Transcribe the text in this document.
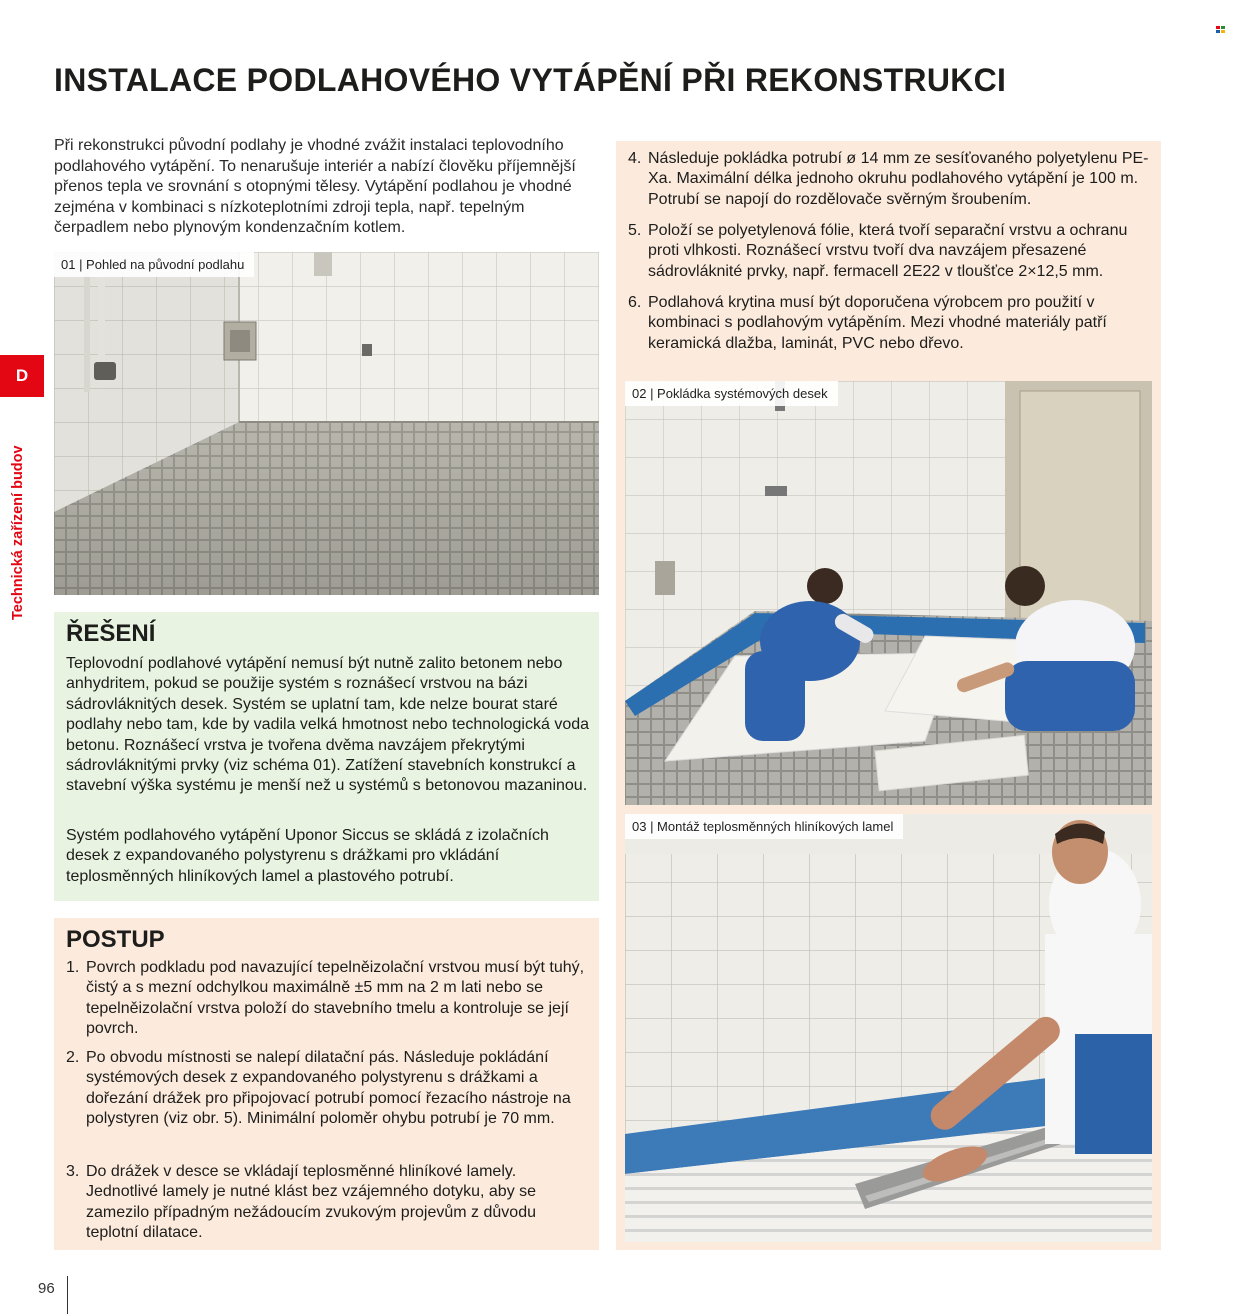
INSTALACE PODLAHOVÉHO VYTÁPĚNÍ PŘI REKONSTRUKCI

Při rekonstrukci původní podlahy je vhodné zvážit instalaci teplovodního podlahového vytápění. To nenarušuje interiér a nabízí člověku příjemnější přenos tepla ve srovnání s otopnými tělesy. Vytápění podlahou je vhodné zejména v kombinaci s nízkoteplotními zdroji tepla, např. tepelným čerpadlem nebo plynovým kondenzačním kotlem.

D
Technická zařízení budov
01 | Pohled na původní podlahu
ŘEŠENÍ

Teplovodní podlahové vytápění nemusí být nutně zalito betonem nebo anhydritem, pokud se použije systém s roznášecí vrstvou na bázi sádrovláknitých desek. Systém se uplatní tam, kde nelze bourat staré podlahy nebo tam, kde by vadila velká hmotnost nebo technologická voda betonu. Roznášecí vrstva je tvořena dvěma navzájem překrytými sádrovláknitými prvky (viz schéma 01). Zatížení stavebních konstrukcí a stavební výška systému je menší než u systémů s betonovou mazaninou.

Systém podlahového vytápění Uponor Siccus se skládá z izolačních desek z expandovaného polystyrenu s drážkami pro vkládání teplosměnných hliníkových lamel a plastového potrubí.

POSTUP
1. Povrch podkladu pod navazující tepelněizolační vrstvou musí být tuhý, čistý a s mezní odchylkou maximálně ±5 mm na 2 m lati nebo se tepelněizolační vrstva položí do stavebního tmelu a kontroluje se její povrch.
2. Po obvodu místnosti se nalepí dilatační pás. Následuje pokládání systémových desek z expandovaného polystyrenu s drážkami a dořezání drážek pro připojovací potrubí pomocí řezacího nástroje na polystyren (viz obr. 5). Minimální poloměr ohybu potrubí je 70 mm.
3. Do drážek v desce se vkládají teplosměnné hliníkové lamely. Jednotlivé lamely je nutné klást bez vzájemného dotyku, aby se zamezilo případným nežádoucím zvukovým projevům z důvodu teplotní dilatace.
4. Následuje pokládka potrubí ø 14 mm ze sesíťovaného polyetylenu PE-Xa. Maximální délka jednoho okruhu podlahového vytápění je 100 m. Potrubí se napojí do rozdělovače svěrným šroubením.
5. Položí se polyetylenová fólie, která tvoří separační vrstvu a ochranu proti vlhkosti. Roznášecí vrstvu tvoří dva navzájem přesazené sádrovláknité prvky, např. fermacell 2E22 v tloušťce 2×12,5 mm.
6. Podlahová krytina musí být doporučena výrobcem pro použití v kombinaci s podlahovým vytápěním. Mezi vhodné materiály patří keramická dlažba, laminát, PVC nebo dřevo.
02 | Pokládka systémových desek
03 | Montáž teplosměnných hliníkových lamel
96
